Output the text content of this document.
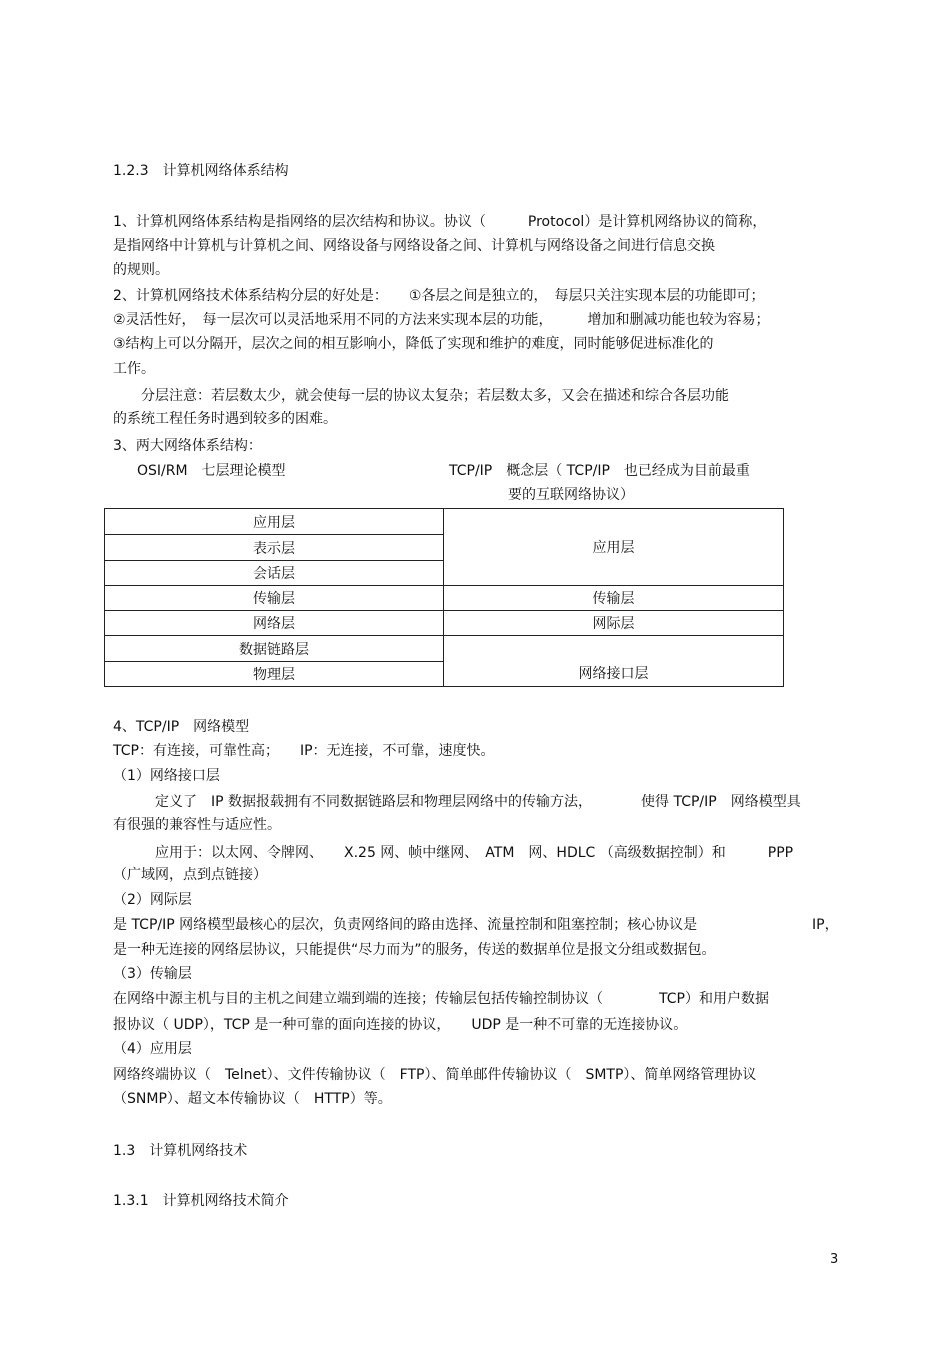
1.2.3　计算机网络体系结构
1、计算机网络体系结构是指网络的层次结构和协议。协议（　　　Protocol）是计算机网络协议的简称，
是指网络中计算机与计算机之间、网络设备与网络设备之间、计算机与网络设备之间进行信息交换
的规则。
2、计算机网络技术体系结构分层的好处是：　　①各层之间是独立的，　每层只关注实现本层的功能即可；
②灵活性好，　每一层次可以灵活地采用不同的方法来实现本层的功能，　　　增加和删减功能也较为容易；
③结构上可以分隔开，层次之间的相互影响小，降低了实现和维护的难度，同时能够促进标准化的
工作。
分层注意：若层数太少，就会使每一层的协议太复杂；若层数太多，又会在描述和综合各层功能
的系统工程任务时遇到较多的困难。
3、两大网络体系结构：
OSI/RM　七层理论模型	TCP/IP　概念层（ TCP/IP　也已经成为目前最重
要的互联网络协议）
应用层
表示层
会话层
传输层
网络层
数据链路层
物理层
应用层
传输层
网际层
网络接口层
4、TCP/IP　网络模型
TCP：有连接，可靠性高；　　IP：无连接，不可靠，速度快。
（1）网络接口层
定义了　IP 数据报载拥有不同数据链路层和物理层网络中的传输方法，　　　　使得 TCP/IP　网络模型具
有很强的兼容性与适应性。
应用于：以太网、令牌网、　　X.25 网、帧中继网、　ATM　网、HDLC （高级数据控制）和　　　PPP
（广域网，点到点链接）
（2）网际层
是 TCP/IP 网络模型最核心的层次，负责网络间的路由选择、流量控制和阻塞控制；核心协议是	IP，
是一种无连接的网络层协议，只能提供“尽力而为”的服务，传送的数据单位是报文分组或数据包。
（3）传输层
在网络中源主机与目的主机之间建立端到端的连接；传输层包括传输控制协议（　　　　TCP）和用户数据
报协议（ UDP），TCP 是一种可靠的面向连接的协议，　　UDP 是一种不可靠的无连接协议。
（4）应用层
网络终端协议（　Telnet）、文件传输协议（　FTP）、简单邮件传输协议（　SMTP）、简单网络管理协议
（SNMP）、超文本传输协议（　HTTP）等。
1.3　计算机网络技术
1.3.1　计算机网络技术简介
3
